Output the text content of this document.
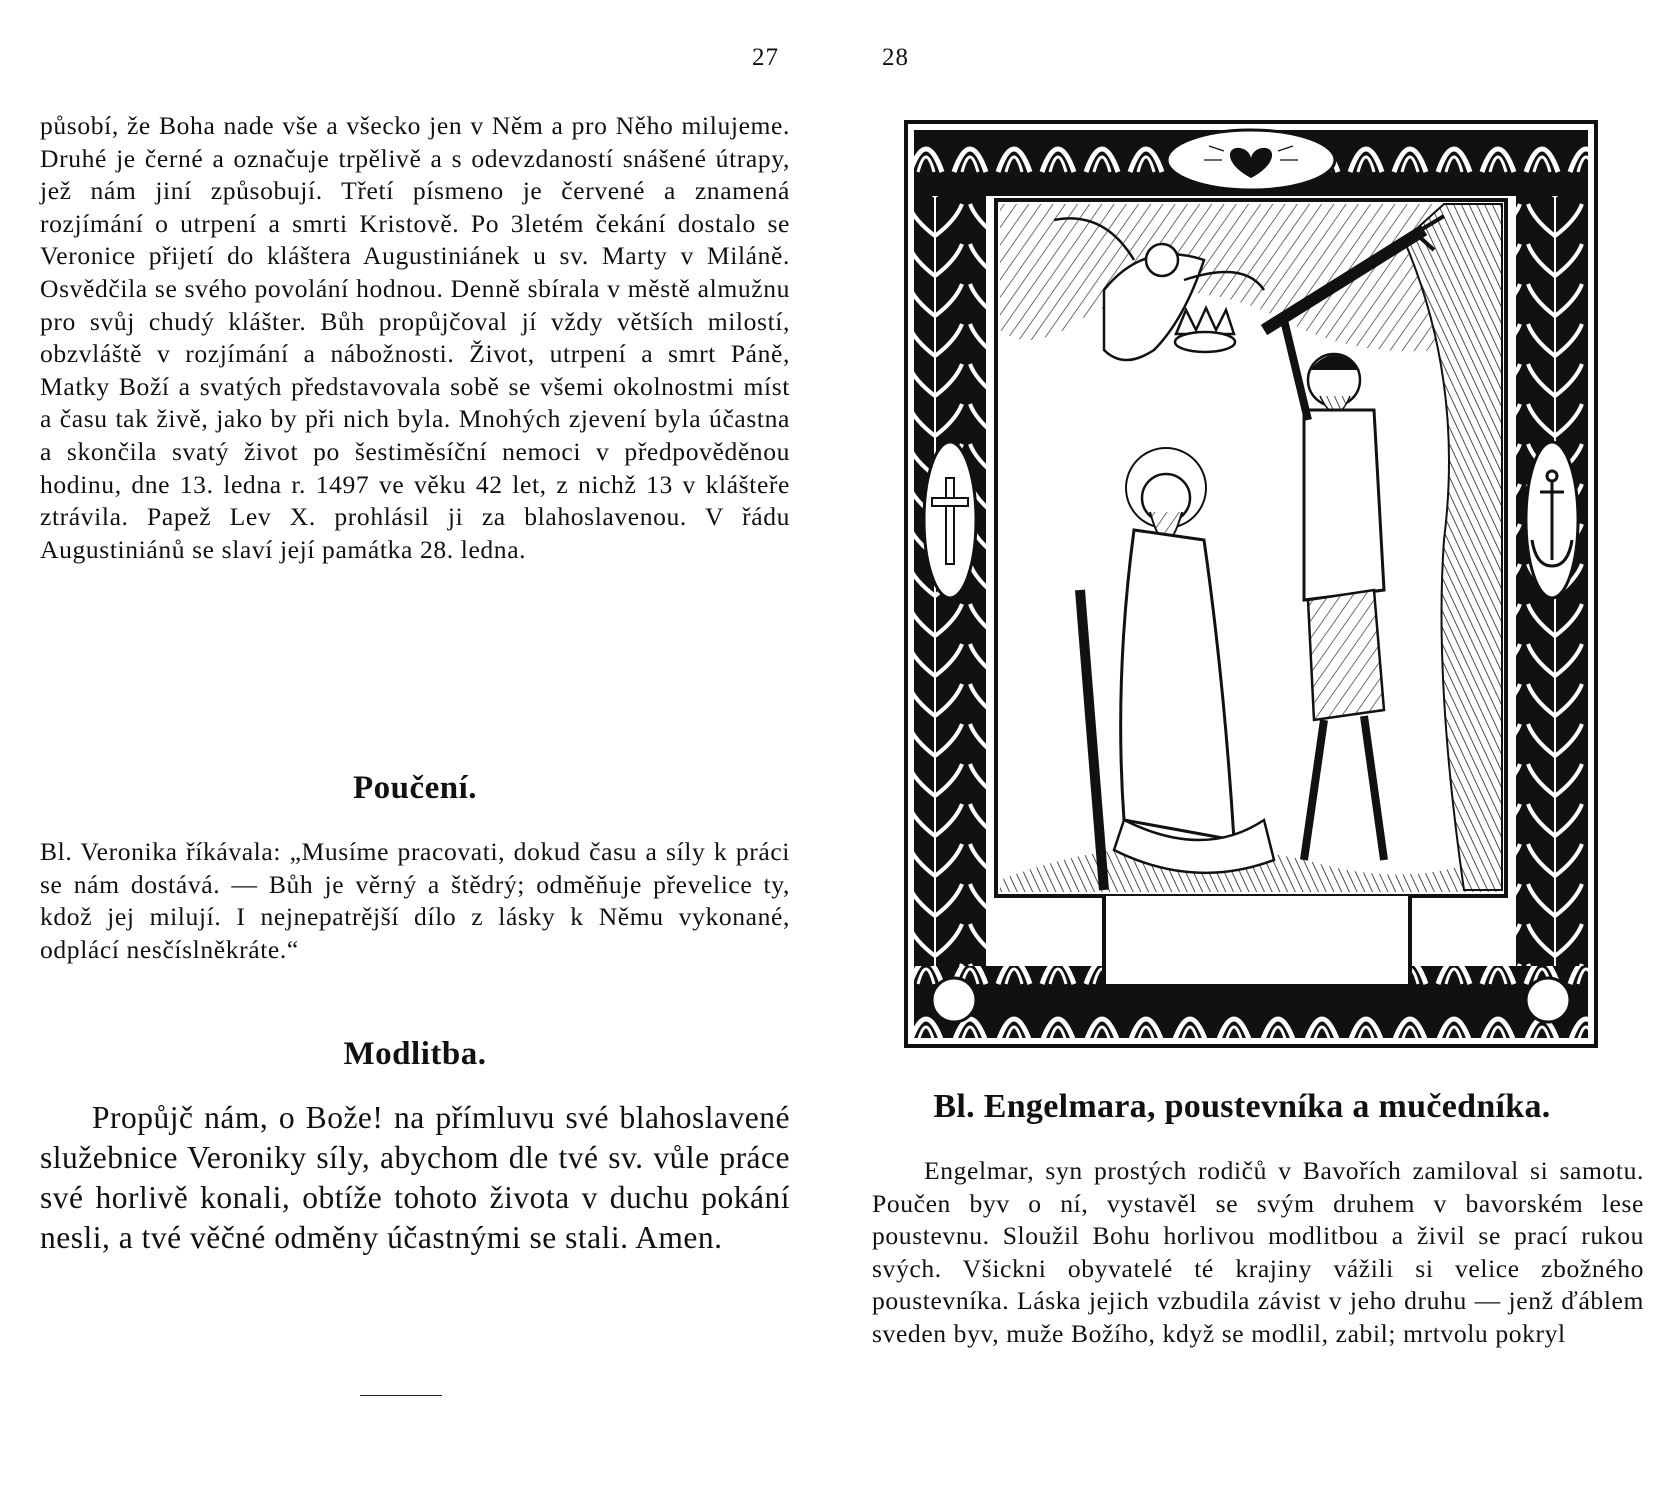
27

působí, že Boha nade vše a všecko jen v Něm a pro Něho milujeme. Druhé je černé a označuje trpělivě a s odevzdaností snášené útrapy, jež nám jiní způsobují. Třetí písmeno je červené a znamená rozjímání o utrpení a smrti Kristově. Po 3letém čekání dostalo se Veronice přijetí do kláštera Augustiniánek u sv. Marty v Miláně. Osvědčila se svého povolání hodnou. Denně sbírala v městě almužnu pro svůj chudý klášter. Bůh propůjčoval jí vždy větších milostí, obzvláště v rozjímání a nábožnosti. Život, utrpení a smrt Páně, Matky Boží a svatých představovala sobě se všemi okolnostmi míst a času tak živě, jako by při nich byla. Mnohých zjevení byla účastna a skončila svatý život po šestiměsíční nemoci v předpověděnou hodinu, dne 13. ledna r. 1497 ve věku 42 let, z nichž 13 v klášteře ztrávila. Papež Lev X. prohlásil ji za blahoslavenou. V řádu Augustiniánů se slaví její památka 28. ledna.

Poučení.

Bl. Veronika říkávala: „Musíme pracovati, dokud času a síly k práci se nám dostává. — Bůh je věrný a štědrý; odměňuje převelice ty, kdož jej milují. I nejnepatrější dílo z lásky k Němu vykonané, odplácí nesčíslněkráte.“

Modlitba.

Propůjč nám, o Bože! na přímluvu své blahoslavené služebnice Veroniky síly, abychom dle tvé sv. vůle práce své horlivě konali, obtíže tohoto života v duchu pokání nesli, a tvé věčné odměny účastnými se stali. Amen.

28
14. ledna.
Bl. Engelmara, poustevníka a mučedníka.

Engelmar, syn prostých rodičů v Bavořích zamiloval si samotu. Poučen byv o ní, vystavěl se svým druhem v bavorském lese poustevnu. Sloužil Bohu horlivou modlitbou a živil se prací rukou svých. Všickni obyvatelé té krajiny vážili si velice zbožného poustevníka. Láska jejich vzbudila závist v jeho druhu — jenž ďáblem sveden byv, muže Božího, když se modlil, zabil; mrtvolu pokryl
